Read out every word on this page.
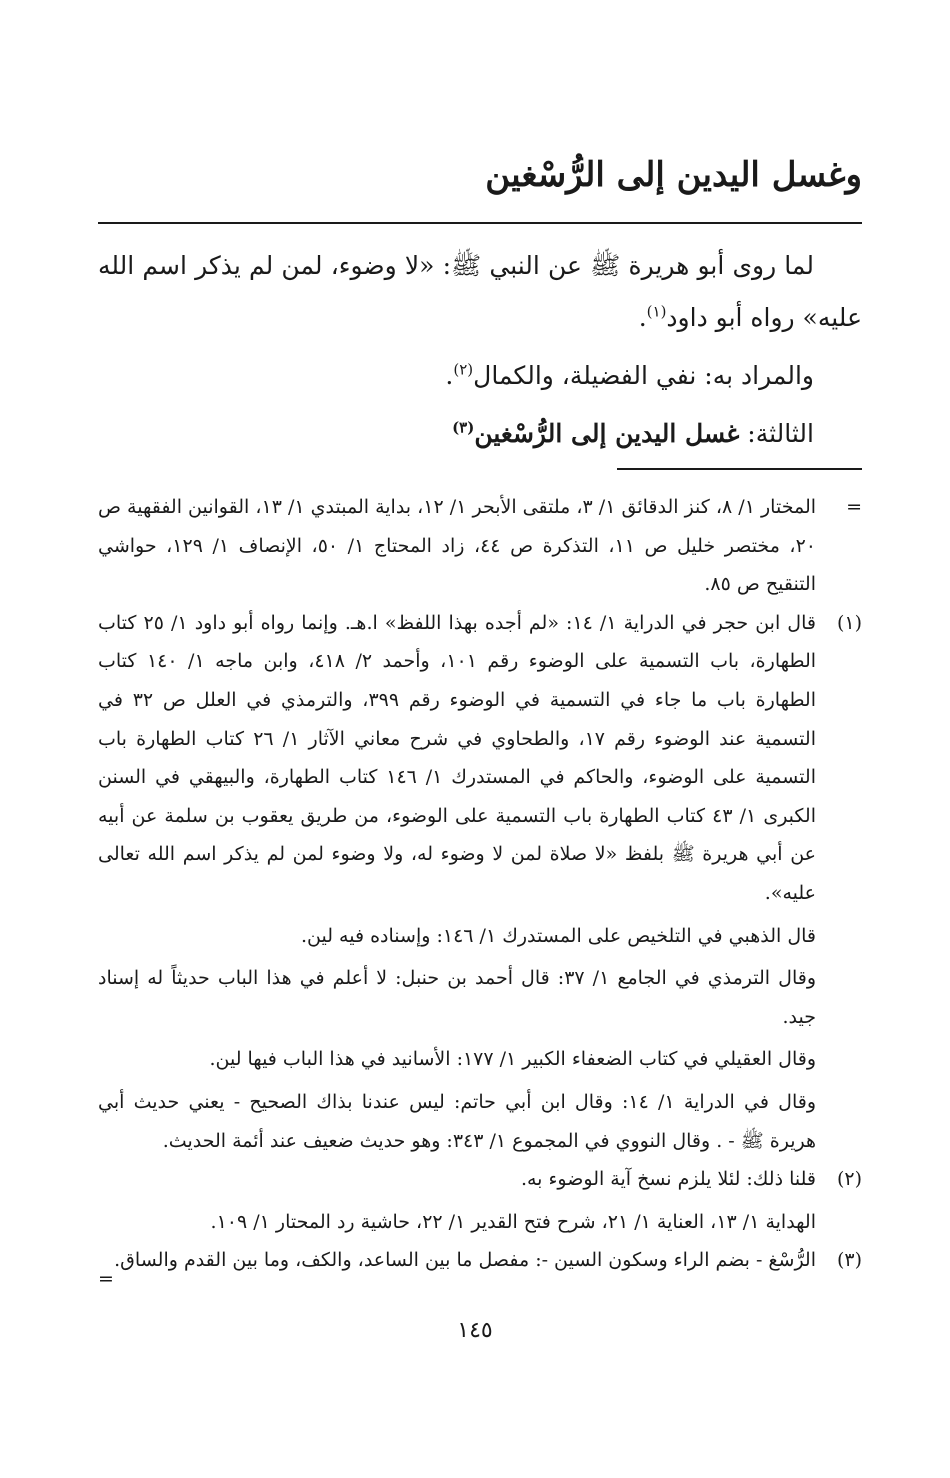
وغسل اليدين إلى الرُّسْغين

لما روى أبو هريرة ﷺ عن النبي ﷺ: «لا وضوء، لمن لم يذكر اسم الله عليه» رواه أبو داود$^{(١)}$.

والمراد به: نفي الفضيلة، والكمال$^{(٢)}$.

الثالثة: غسل اليدين إلى الرُّسْغين$^{(٣)}$

=

المختار ١/ ٨، كنز الدقائق ١/ ٣، ملتقى الأبحر ١/ ١٢، بداية المبتدي ١/ ١٣، القوانين الفقهية ص ٢٠، مختصر خليل ص ١١، التذكرة ص ٤٤، زاد المحتاج ١/ ٥٠، الإنصاف ١/ ١٢٩، حواشي التنقيح ص ٨٥.

(١)

قال ابن حجر في الدراية ١/ ١٤: «لم أجده بهذا اللفظ» ا.هـ. وإنما رواه أبو داود ١/ ٢٥ كتاب الطهارة، باب التسمية على الوضوء رقم ١٠١، وأحمد ٢/ ٤١٨، وابن ماجه ١/ ١٤٠ كتاب الطهارة باب ما جاء في التسمية في الوضوء رقم ٣٩٩، والترمذي في العلل ص ٣٢ في التسمية عند الوضوء رقم ١٧، والطحاوي في شرح معاني الآثار ١/ ٢٦ كتاب الطهارة باب التسمية على الوضوء، والحاكم في المستدرك ١/ ١٤٦ كتاب الطهارة، والبيهقي في السنن الكبرى ١/ ٤٣ كتاب الطهارة باب التسمية على الوضوء، من طريق يعقوب بن سلمة عن أبيه عن أبي هريرة ﷺ بلفظ «لا صلاة لمن لا وضوء له، ولا وضوء لمن لم يذكر اسم الله تعالى عليه».

قال الذهبي في التلخيص على المستدرك ١/ ١٤٦: وإسناده فيه لين.

وقال الترمذي في الجامع ١/ ٣٧: قال أحمد بن حنبل: لا أعلم في هذا الباب حديثاً له إسناد جيد.

وقال العقيلي في كتاب الضعفاء الكبير ١/ ١٧٧: الأسانيد في هذا الباب فيها لين.

وقال في الدراية ١/ ١٤: وقال ابن أبي حاتم: ليس عندنا بذاك الصحيح - يعني حديث أبي هريرة ﷺ - . وقال النووي في المجموع ١/ ٣٤٣: وهو حديث ضعيف عند أئمة الحديث.

(٢)

قلنا ذلك: لئلا يلزم نسخ آية الوضوء به.

الهداية ١/ ١٣، العناية ١/ ٢١، شرح فتح القدير ١/ ٢٢، حاشية رد المحتار ١/ ١٠٩.

(٣)

الرُّسْغ - بضم الراء وسكون السين -: مفصل ما بين الساعد، والكف، وما بين القدم والساق.

=
١٤٥
